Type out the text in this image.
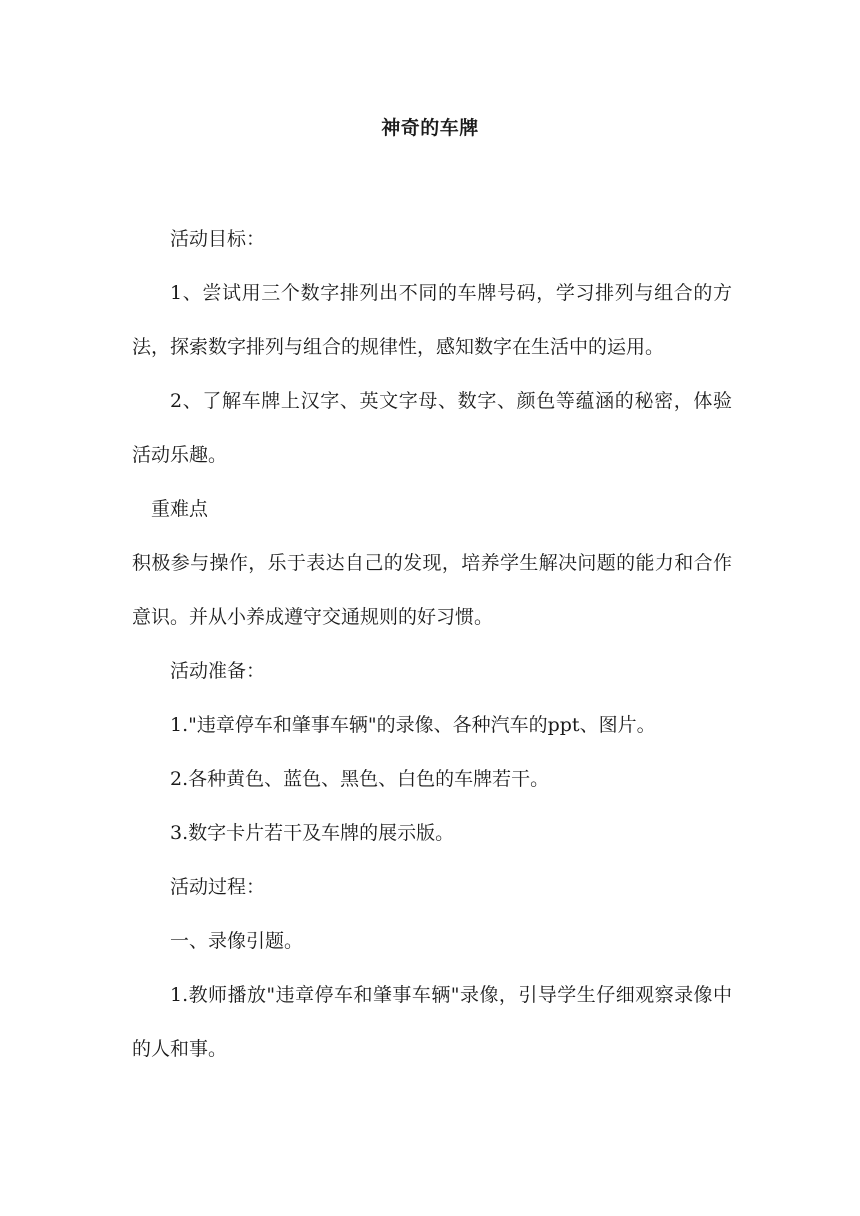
神奇的车牌

活动目标：

1、尝试用三个数字排列出不同的车牌号码，学习排列与组合的方法，探索数字排列与组合的规律性，感知数字在生活中的运用。

2、了解车牌上汉字、英文字母、数字、颜色等蕴涵的秘密，体验活动乐趣。

重难点

积极参与操作，乐于表达自己的发现，培养学生解决问题的能力和合作意识。并从小养成遵守交通规则的好习惯。

活动准备：

1."违章停车和肇事车辆"的录像、各种汽车的ppt、图片。

2.各种黄色、蓝色、黑色、白色的车牌若干。

3.数字卡片若干及车牌的展示版。

活动过程：

一、录像引题。

1.教师播放"违章停车和肇事车辆"录像，引导学生仔细观察录像中的人和事。
